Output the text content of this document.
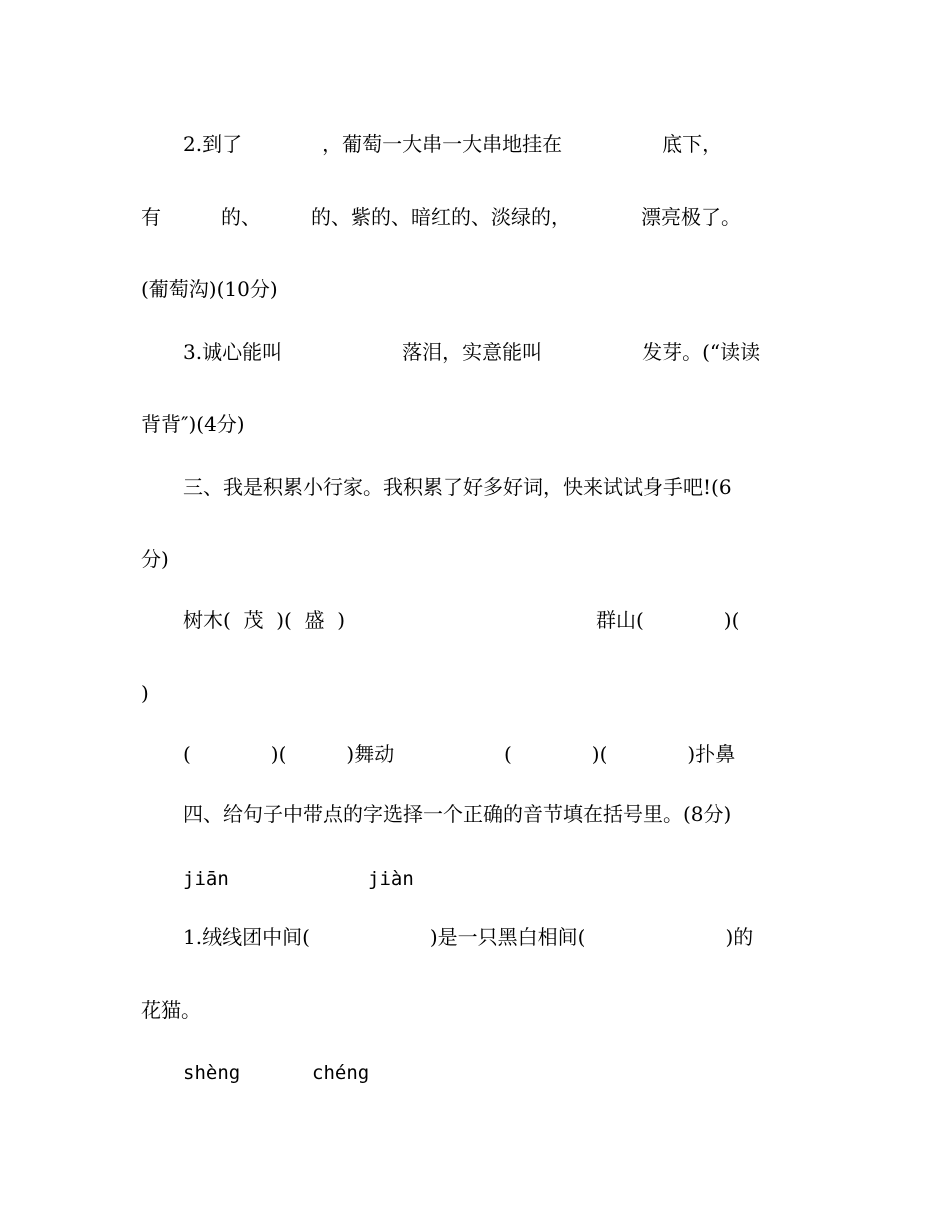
2.到了　　　　，葡萄一大串一大串地挂在　　　　　底下，

有　　　的、　　　的、紫的、暗红的、淡绿的，　　　　漂亮极了。

(葡萄沟)(10分)

3.诚心能叫　　　　　　落泪，实意能叫　　　　　发芽。(“读读

背背″)(4分)

三、我是积累小行家。我积累了好多好词，快来试试身手吧!(6

分)

树木(  茂  )(  盛  )	群山(　　　　)(

)

(　　　　)(　　　)舞动	(　　　　)(　　　　)扑鼻

四、给句子中带点的字选择一个正确的音节填在括号里。(8分)

jiān	jiàn

1.绒线团中间(　　　　　　)是一只黑白相间(　　　　　　　)的

花猫。

shèng	chéng
